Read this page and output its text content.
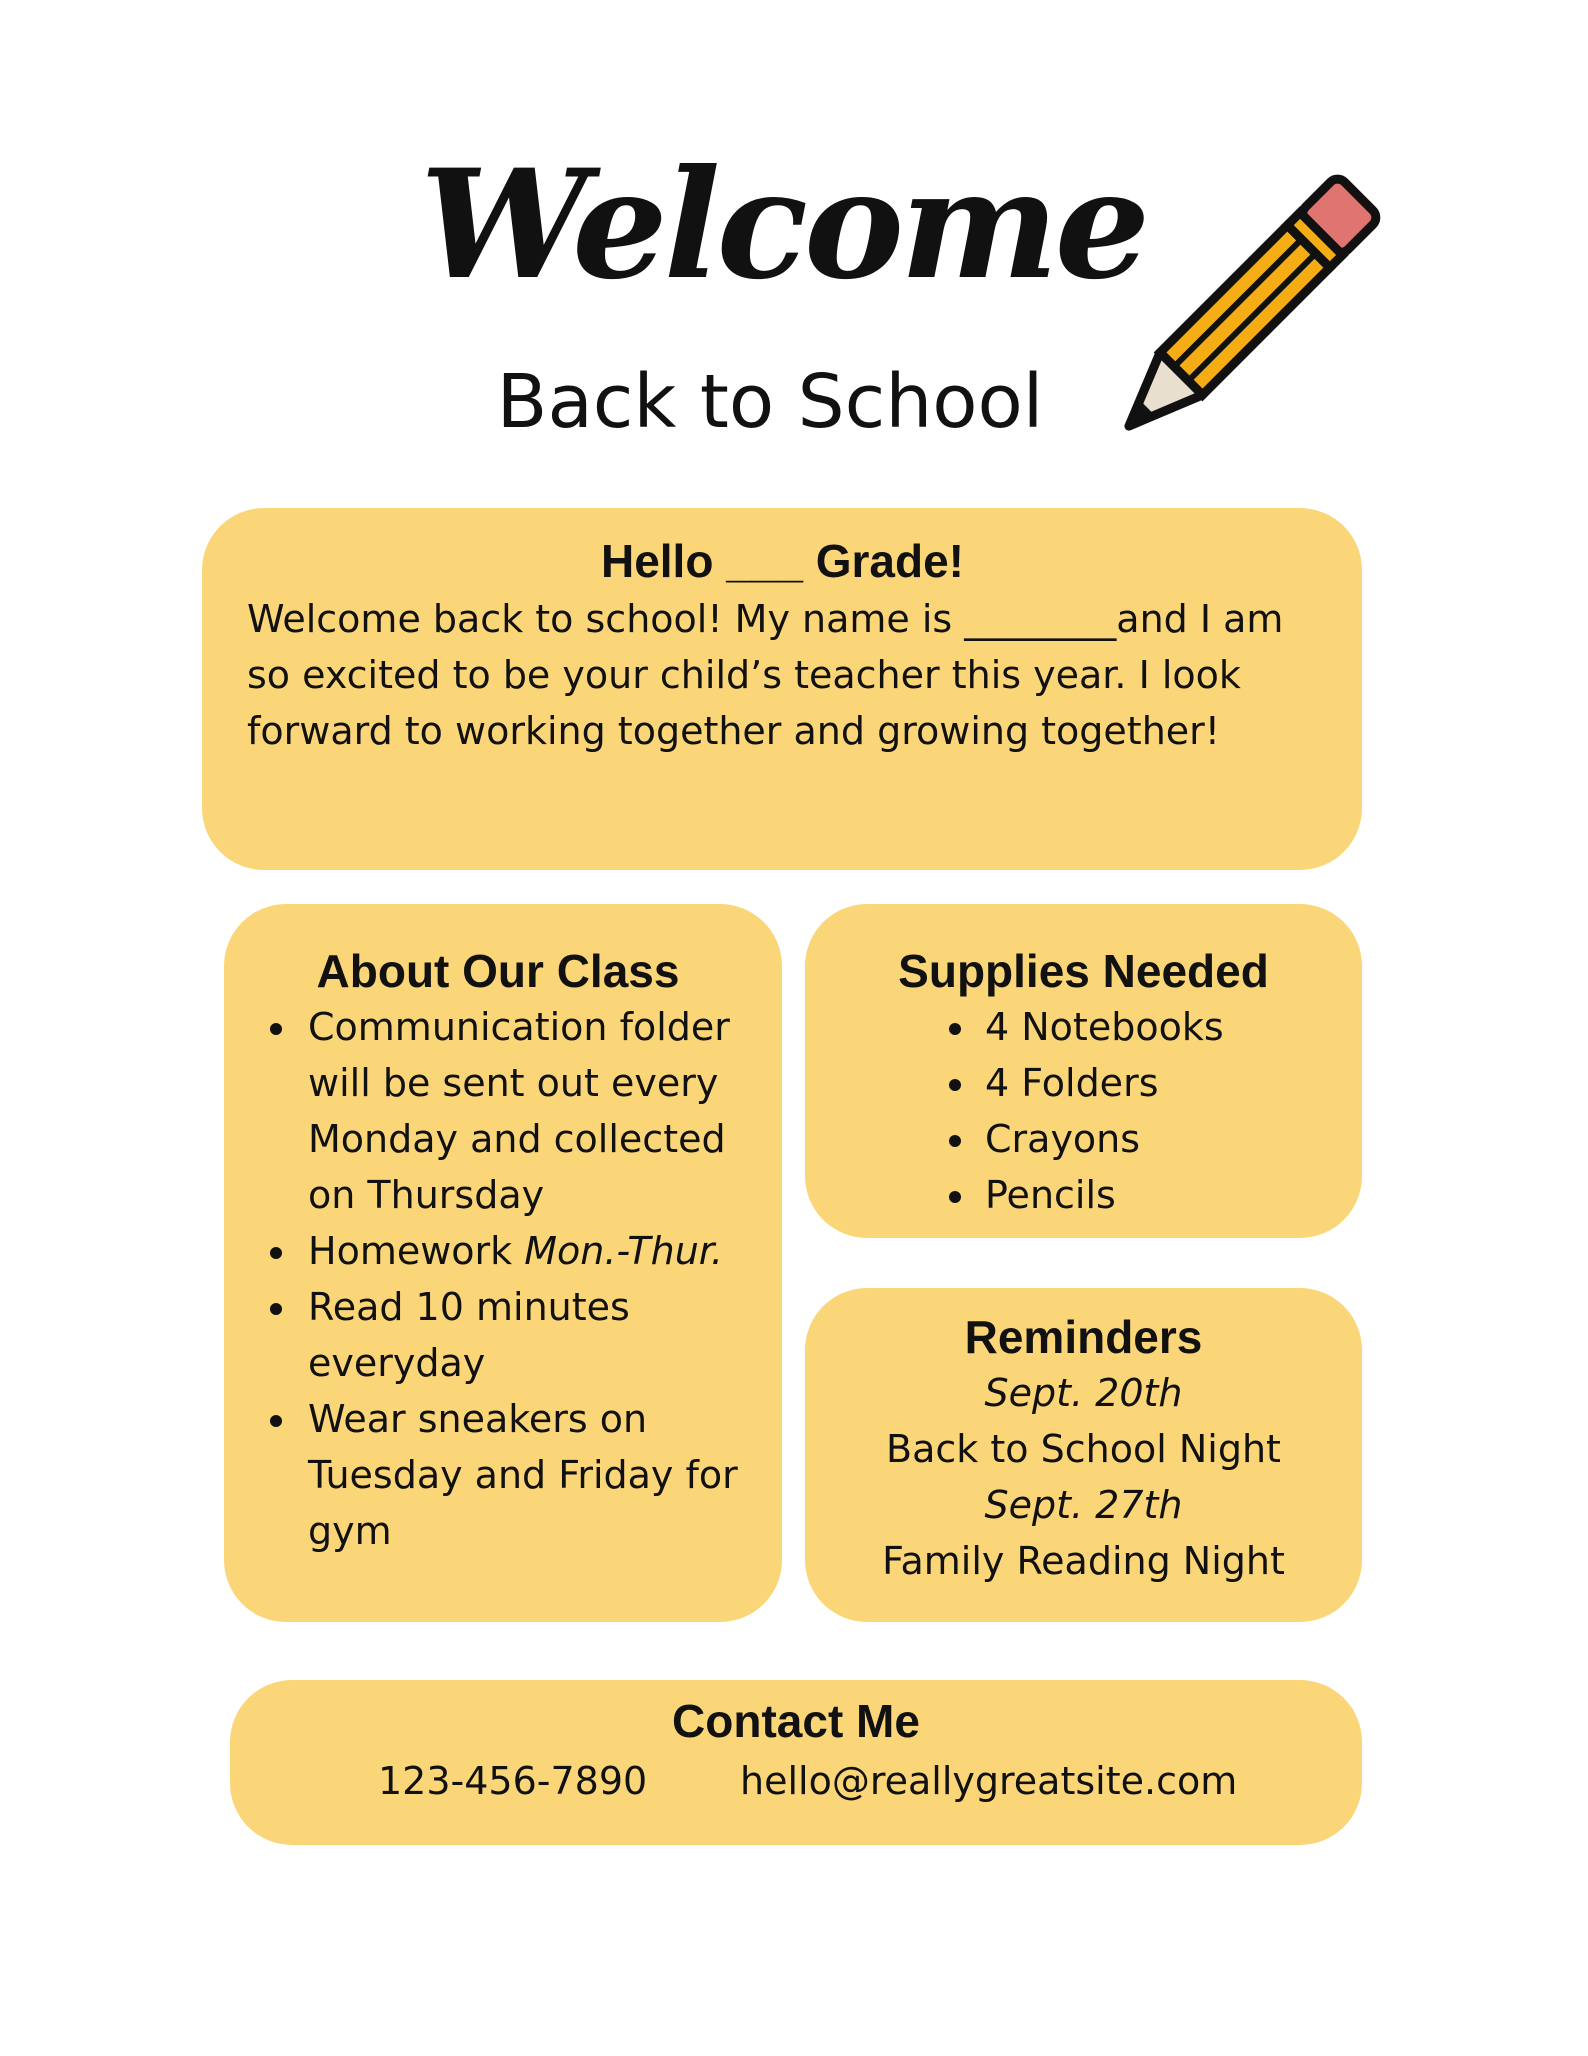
Welcome
Back to School
Hello ___ Grade!
Welcome back to school! My name is ________and I am so excited to be your child’s teacher this year. I look forward to working together and growing together!
About Our Class
Communication folder will be sent out every Monday and collected on Thursday
Homework Mon.-Thur.
Read 10 minutes everyday
Wear sneakers on Tuesday and Friday for gym
Supplies Needed
4 Notebooks
4 Folders
Crayons
Pencils
Reminders
Sept. 20th
Back to School Night
Sept. 27th
Family Reading Night
Contact Me
123-456-7890 hello@reallygreatsite.com
